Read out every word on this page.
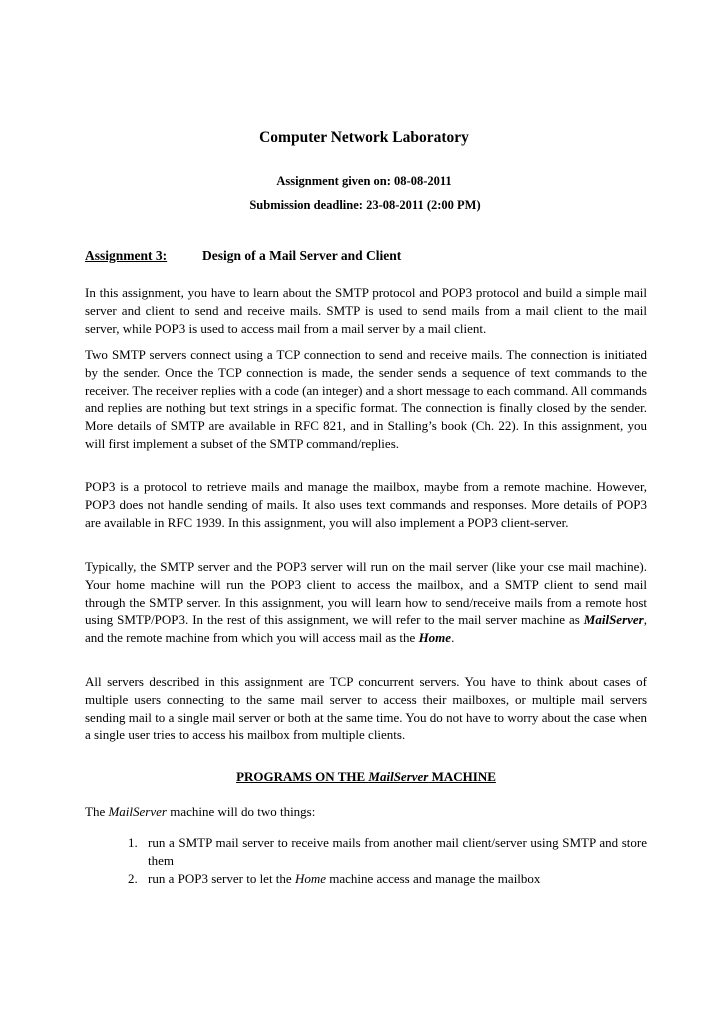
Computer Network Laboratory

Assignment given on: 08-08-2011

Submission deadline: 23-08-2011 (2:00 PM)

Assignment 3:	Design of a Mail Server and Client

In this assignment, you have to learn about the SMTP protocol and POP3 protocol and build a simple mail server and client to send and receive mails. SMTP is used to send mails from a mail client to the mail server, while POP3 is used to access mail from a mail server by a mail client.

Two SMTP servers connect using a TCP connection to send and receive mails. The connection is initiated by the sender. Once the TCP connection is made, the sender sends a sequence of text commands to the receiver. The receiver replies with a code (an integer) and a short message to each command. All commands and replies are nothing but text strings in a specific format. The connection is finally closed by the sender. More details of SMTP are available in RFC 821, and in Stalling’s book (Ch. 22). In this assignment, you will first implement a subset of the SMTP command/replies.

POP3 is a protocol to retrieve mails and manage the mailbox, maybe from a remote machine. However, POP3 does not handle sending of mails. It also uses text commands and responses. More details of POP3 are available in RFC 1939. In this assignment, you will also implement a POP3 client-server.

Typically, the SMTP server and the POP3 server will run on the mail server (like your cse mail machine). Your home machine will run the POP3 client to access the mailbox, and a SMTP client to send mail through the SMTP server. In this assignment, you will learn how to send/receive mails from a remote host using SMTP/POP3. In the rest of this assignment, we will refer to the mail server machine as MailServer, and the remote machine from which you will access mail as the Home.

All servers described in this assignment are TCP concurrent servers. You have to think about cases of multiple users connecting to the same mail server to access their mailboxes, or multiple mail servers sending mail to a single mail server or both at the same time. You do not have to worry about the case when a single user tries to access his mailbox from multiple clients.

PROGRAMS ON THE MailServer MACHINE

The MailServer machine will do two things:

1. run a SMTP mail server to receive mails from another mail client/server using SMTP and store them
2. run a POP3 server to let the Home machine access and manage the mailbox
